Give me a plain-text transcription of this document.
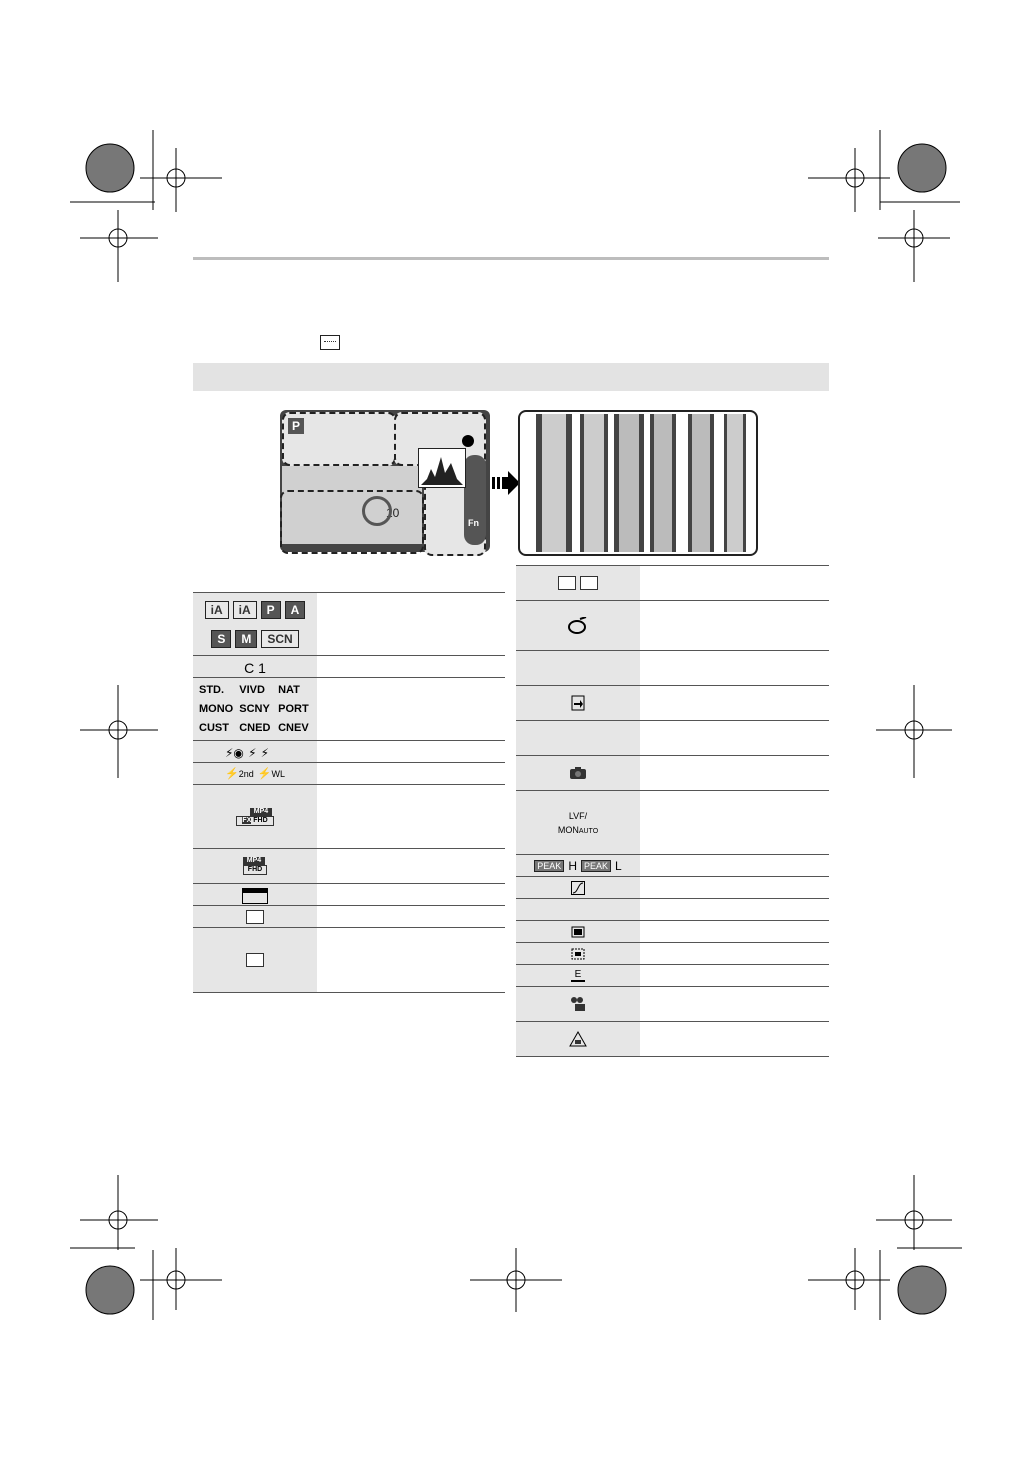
P
Fn
10
iA	iA	P	A
S	M	SCN
C 1
STD.	VIVD	NAT
MONO SCNY PORT
CUST CNED CNEV
⚡◉ ⚡ ⚡
⚡2nd ⚡WL
MP4
FX FHD
MP4
FHD
LVF/
MONAUTO
PEAK H PEAK L
E
